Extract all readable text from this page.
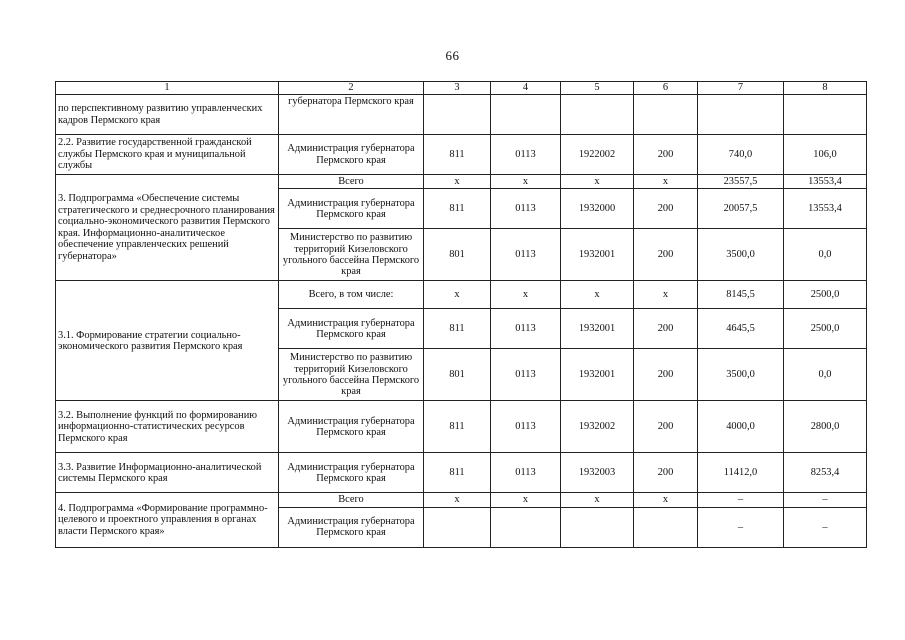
66
1	2	3	4	5	6	7	8
по перспективному развитию управленческих кадров Пермского края	губернатора Пермского края						
2.2. Развитие государственной гражданской службы Пермского края и муниципальной службы	Администрация губернатора Пермского края	811	0113	1922002	200	740,0	106,0
3. Подпрограмма «Обеспечение системы стратегического и среднесрочного планирования социально-экономического развития Пермского края. Информационно-аналитическое обеспечение управленческих решений губернатора»	Всего	х	х	х	х	23557,5	13553,4
	Администрация губернатора Пермского края	811	0113	1932000	200	20057,5	13553,4
	Министерство по развитию территорий Кизеловского угольного бассейна Пермского края	801	0113	1932001	200	3500,0	0,0
3.1. Формирование стратегии социально-экономического развития Пермского края	Всего, в том числе:	х	х	х	х	8145,5	2500,0
	Администрация губернатора Пермского края	811	0113	1932001	200	4645,5	2500,0
	Министерство по развитию территорий Кизеловского угольного бассейна Пермского края	801	0113	1932001	200	3500,0	0,0
3.2. Выполнение функций по формированию информационно-статистических ресурсов Пермского края	Администрация губернатора Пермского края	811	0113	1932002	200	4000,0	2800,0
3.3. Развитие Информационно-аналитической системы Пермского края	Администрация губернатора Пермского края	811	0113	1932003	200	11412,0	8253,4
4. Подпрограмма «Формирование программно-целевого и проектного управления в органах власти Пермского края»	Всего	х	х	х	х	–	–
	Администрация губернатора Пермского края					–	–
